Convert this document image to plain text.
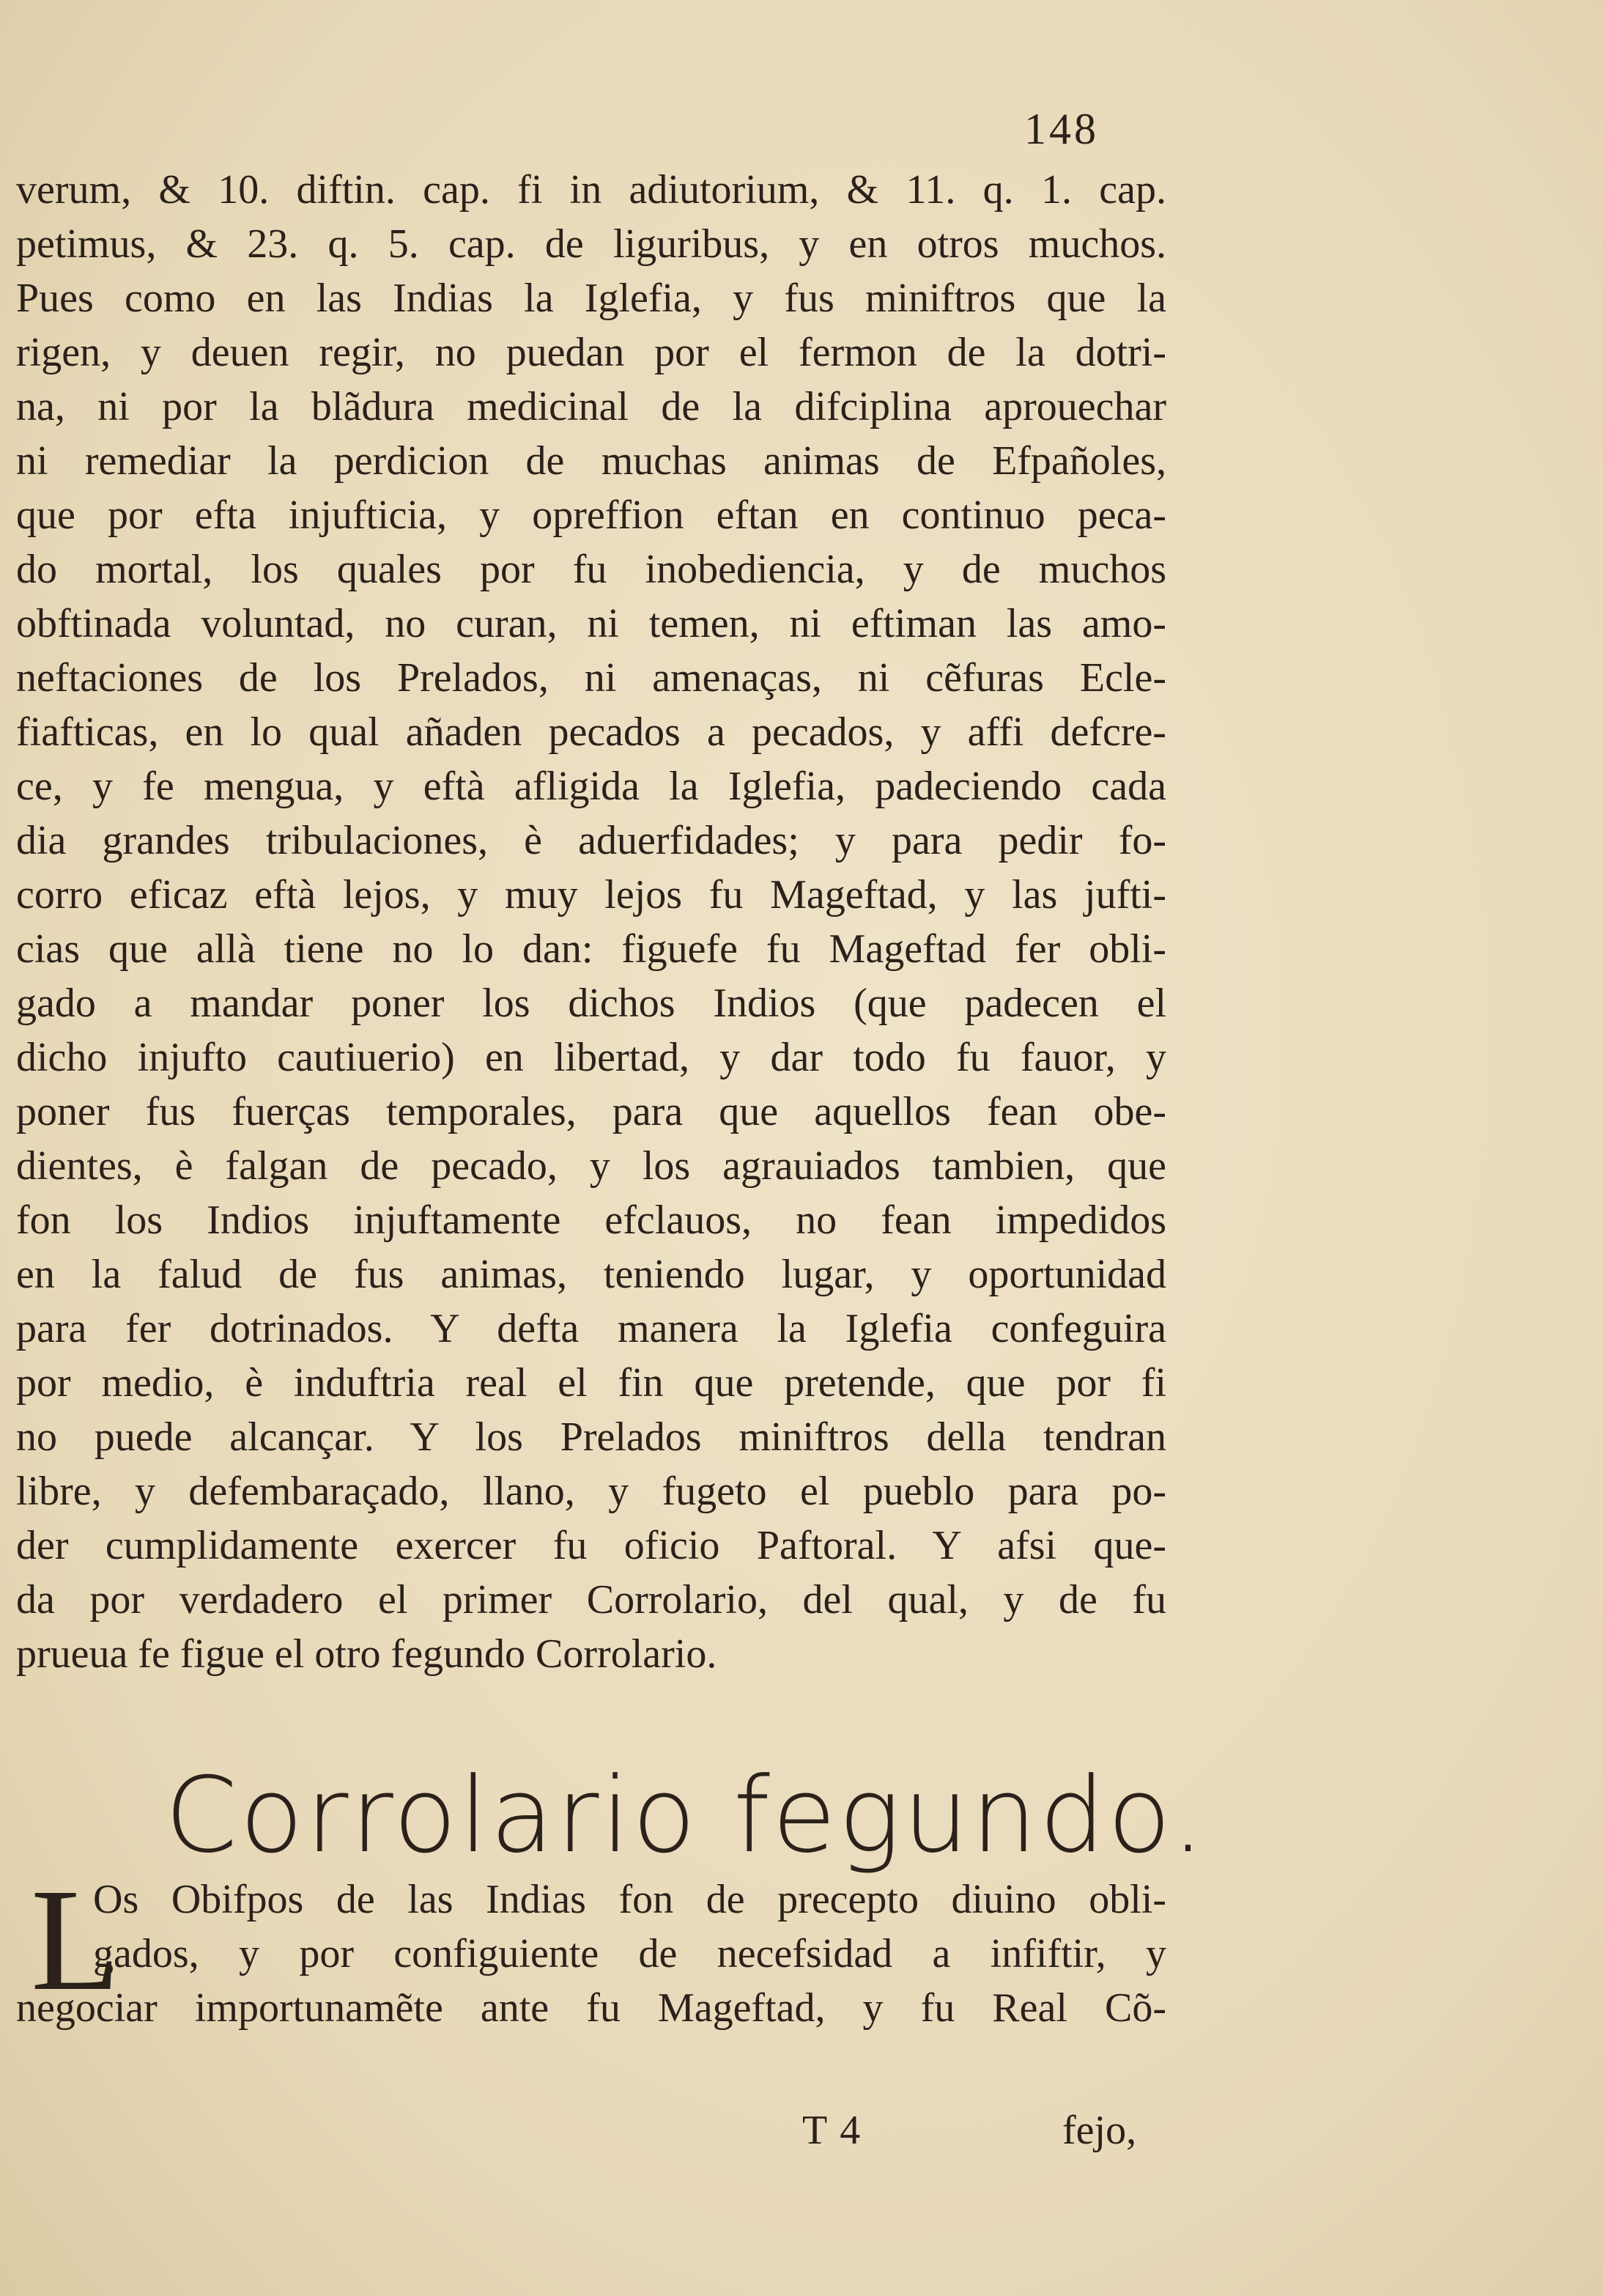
148
verum, & 10. diftin. cap. fi in adiutorium, & 11. q. 1. cap.
petimus, & 23. q. 5. cap. de liguribus, y en otros muchos.
Pues como en las Indias la Iglefia, y fus miniftros que la
rigen, y deuen regir, no puedan por el fermon de la dotri-
na, ni por la blãdura medicinal de la difciplina aprouechar
ni remediar la perdicion de muchas animas de Efpañoles,
que por efta injufticia, y opreffion eftan en continuo peca-
do mortal, los quales por fu inobediencia, y de muchos
obftinada voluntad, no curan, ni temen, ni eftiman las amo-
neftaciones de los Prelados, ni amenaças, ni cẽfuras Ecle-
fiafticas, en lo qual añaden pecados a pecados, y affi defcre-
ce, y fe mengua, y eftà afligida la Iglefia, padeciendo cada
dia grandes tribulaciones, è aduerfidades; y para pedir fo-
corro eficaz eftà lejos, y muy lejos fu Mageftad, y las jufti-
cias que allà tiene no lo dan: figuefe fu Mageftad fer obli-
gado a mandar poner los dichos Indios (que padecen el
dicho injufto cautiuerio) en libertad, y dar todo fu fauor, y
poner fus fuerças temporales, para que aquellos fean obe-
dientes, è falgan de pecado, y los agrauiados tambien, que
fon los Indios injuftamente efclauos, no fean impedidos
en la falud de fus animas, teniendo lugar, y oportunidad
para fer dotrinados. Y defta manera la Iglefia confeguira
por medio, è induftria real el fin que pretende, que por fi
no puede alcançar. Y los Prelados miniftros della tendran
libre, y defembaraçado, llano, y fugeto el pueblo para po-
der cumplidamente exercer fu oficio Paftoral. Y afsi que-
da por verdadero el primer Corrolario, del qual, y de fu
prueua fe figue el otro fegundo Corrolario.
Corrolario fegundo.
L
Os Obifpos de las Indias fon de precepto diuino obli-
gados, y por configuiente de necefsidad a infiftir, y
negociar importunamẽte ante fu Mageftad, y fu Real Cõ-
T 4	fejo,
